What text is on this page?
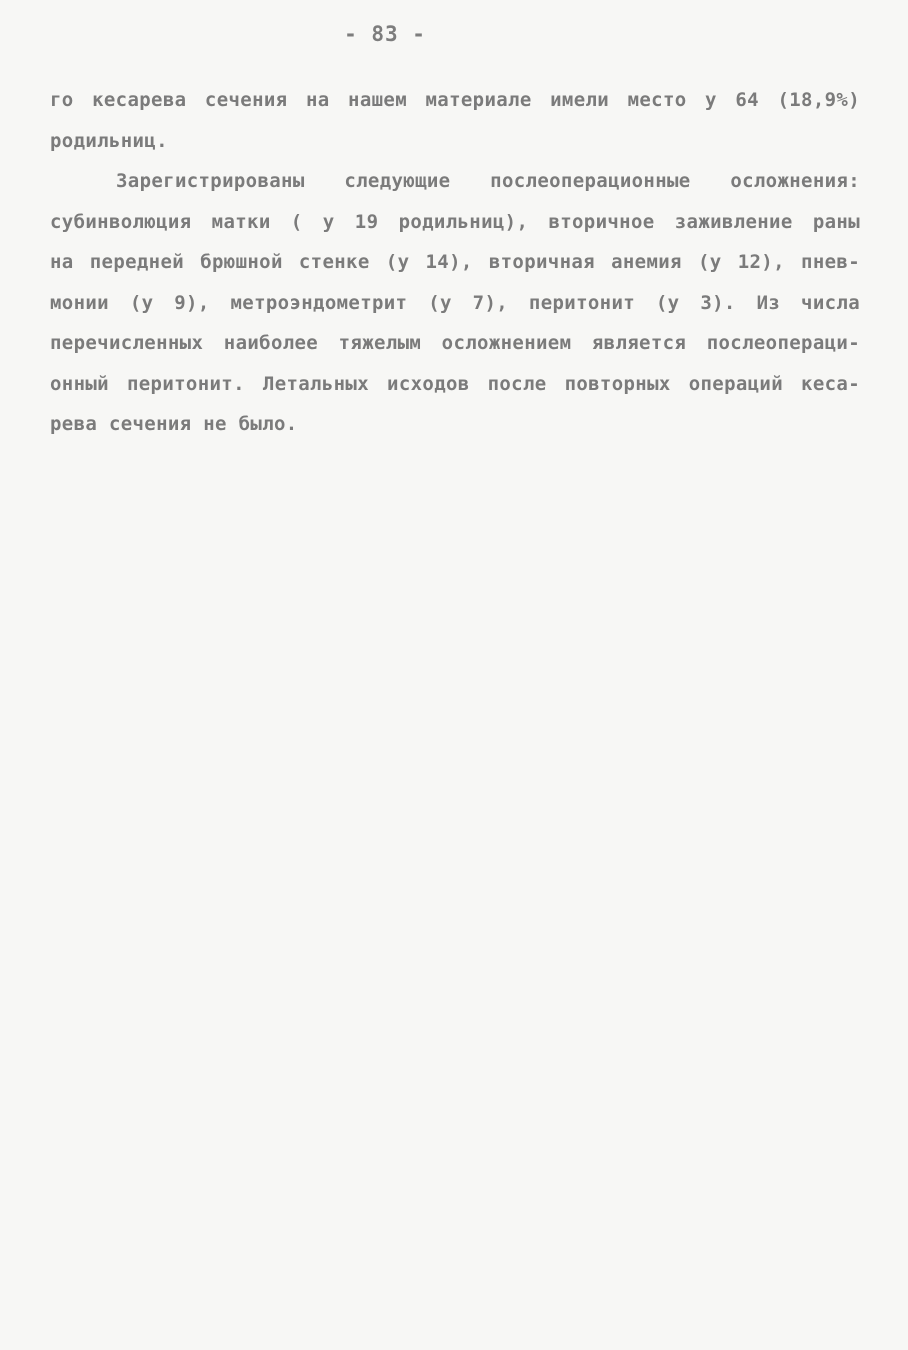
- 83 -
го кесарева сечения на нашем материале имели место у 64 (18,9%)
родильниц.
Зарегистрированы следующие послеоперационные осложнения:
субинволюция матки ( у 19 родильниц), вторичное заживление раны
на передней брюшной стенке (у 14), вторичная анемия (у 12), пнев-
монии (у 9), метроэндометрит (у 7), перитонит (у 3). Из числа
перечисленных наиболее тяжелым осложнением является послеопераци-
онный перитонит. Летальных исходов после повторных операций кеса-
рева сечения не было.
